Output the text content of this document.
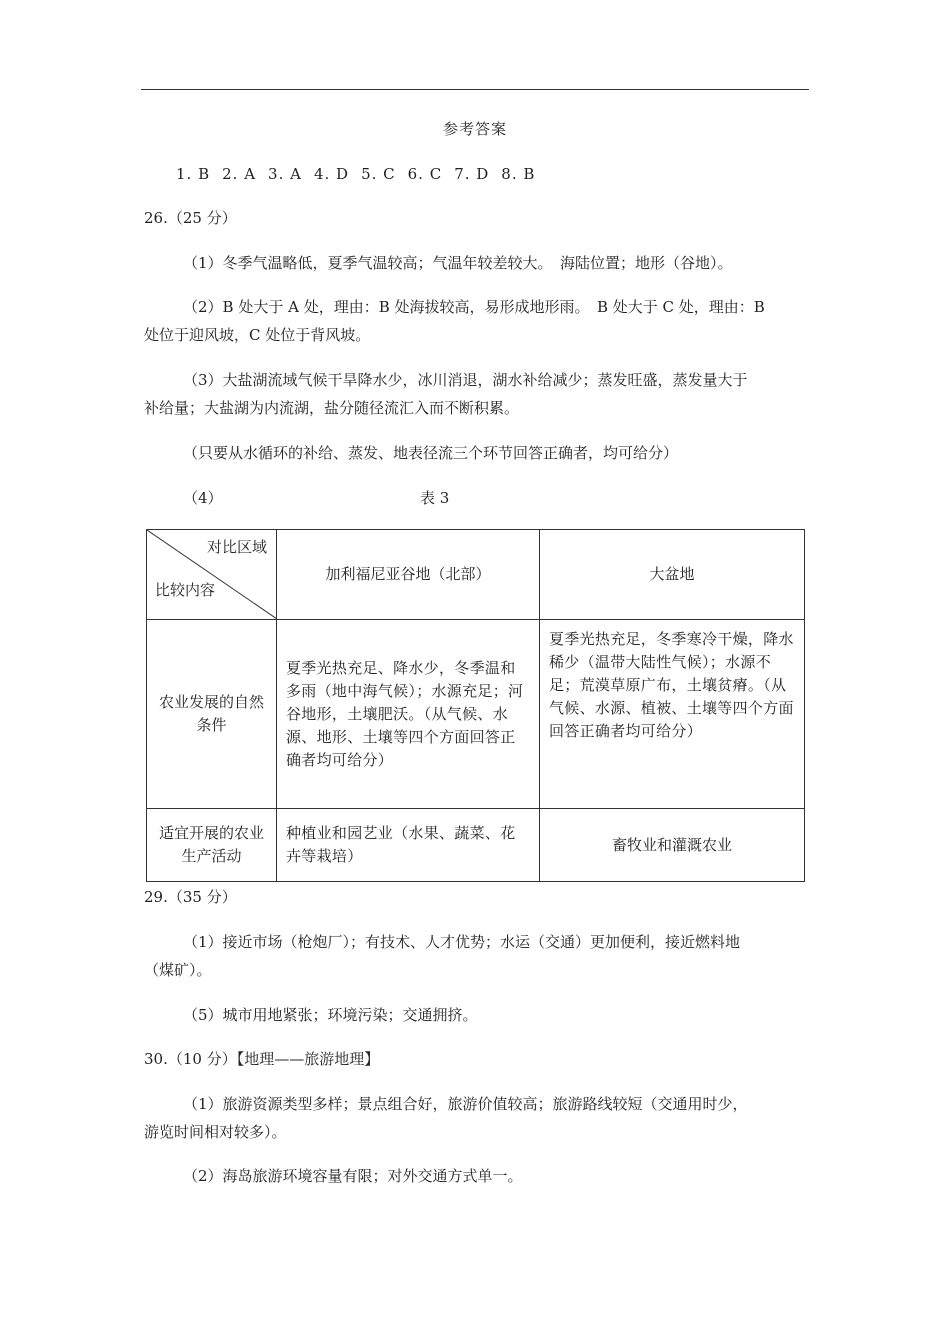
参考答案
1. B 2. A 3. A 4. D 5. C 6. C 7. D 8. B
26.（25 分）
（1）冬季气温略低，夏季气温较高；气温年较差较大。　海陆位置；地形（谷地）。
（2）B 处大于 A 处，理由：B 处海拔较高，易形成地形雨。　B 处大于 C 处，理由：B
处位于迎风坡，C 处位于背风坡。
（3）大盐湖流域气候干旱降水少，冰川消退，湖水补给减少；蒸发旺盛，蒸发量大于
补给量；大盐湖为内流湖，盐分随径流汇入而不断积累。
（只要从水循环的补给、蒸发、地表径流三个环节回答正确者，均可给分）
（4）	表 3
对比区域
比较内容	加利福尼亚谷地（北部）	大盆地
农业发展的自然条件	夏季光热充足、降水少，冬季温和多雨（地中海气候）；水源充足；河谷地形，土壤肥沃。（从气候、水源、地形、土壤等四个方面回答正确者均可给分）	夏季光热充足，冬季寒冷干燥，降水稀少（温带大陆性气候）；水源不足；荒漠草原广布，土壤贫瘠。（从气候、水源、植被、土壤等四个方面回答正确者均可给分）
适宜开展的农业生产活动	种植业和园艺业（水果、蔬菜、花卉等栽培）	畜牧业和灌溉农业
29.（35 分）
（1）接近市场（枪炮厂）；有技术、人才优势；水运（交通）更加便利，接近燃料地
（煤矿）。
（5）城市用地紧张；环境污染；交通拥挤。
30.（10 分）【地理——旅游地理】
（1）旅游资源类型多样；景点组合好，旅游价值较高；旅游路线较短（交通用时少，
游览时间相对较多）。
（2）海岛旅游环境容量有限；对外交通方式单一。
